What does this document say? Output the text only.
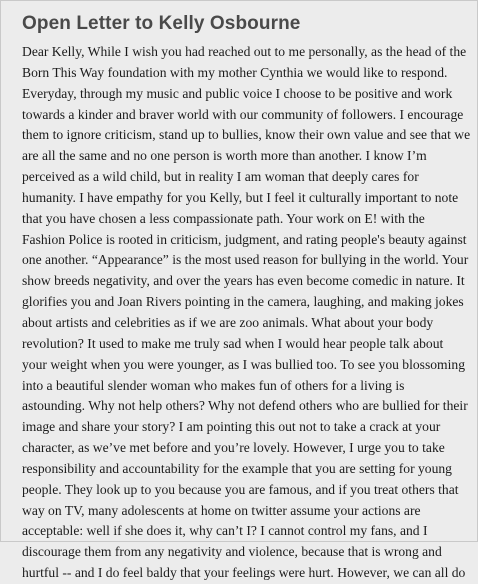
Open Letter to Kelly Osbourne
Dear Kelly, While I wish you had reached out to me personally, as the head of the
Born This Way foundation with my mother Cynthia we would like to respond.
Everyday, through my music and public voice I choose to be positive and work
towards a kinder and braver world with our community of followers. I encourage
them to ignore criticism, stand up to bullies, know their own value and see that we
are all the same and no one person is worth more than another. I know I’m
perceived as a wild child, but in reality I am woman that deeply cares for
humanity. I have empathy for you Kelly, but I feel it culturally important to note
that you have chosen a less compassionate path. Your work on E! with the
Fashion Police is rooted in criticism, judgment, and rating people's beauty against
one another. “Appearance” is the most used reason for bullying in the world. Your
show breeds negativity, and over the years has even become comedic in nature. It
glorifies you and Joan Rivers pointing in the camera, laughing, and making jokes
about artists and celebrities as if we are zoo animals. What about your body
revolution? It used to make me truly sad when I would hear people talk about
your weight when you were younger, as I was bullied too. To see you blossoming
into a beautiful slender woman who makes fun of others for a living is
astounding. Why not help others? Why not defend others who are bullied for their
image and share your story? I am pointing this out not to take a crack at your
character, as we’ve met before and you’re lovely. However, I urge you to take
responsibility and accountability for the example that you are setting for young
people. They look up to you because you are famous, and if you treat others that
way on TV, many adolescents at home on twitter assume your actions are
acceptable: well if she does it, why can’t I? I cannot control my fans, and I
discourage them from any negativity and violence, because that is wrong and
hurtful -- and I do feel baldy that your feelings were hurt. However, we can all do
